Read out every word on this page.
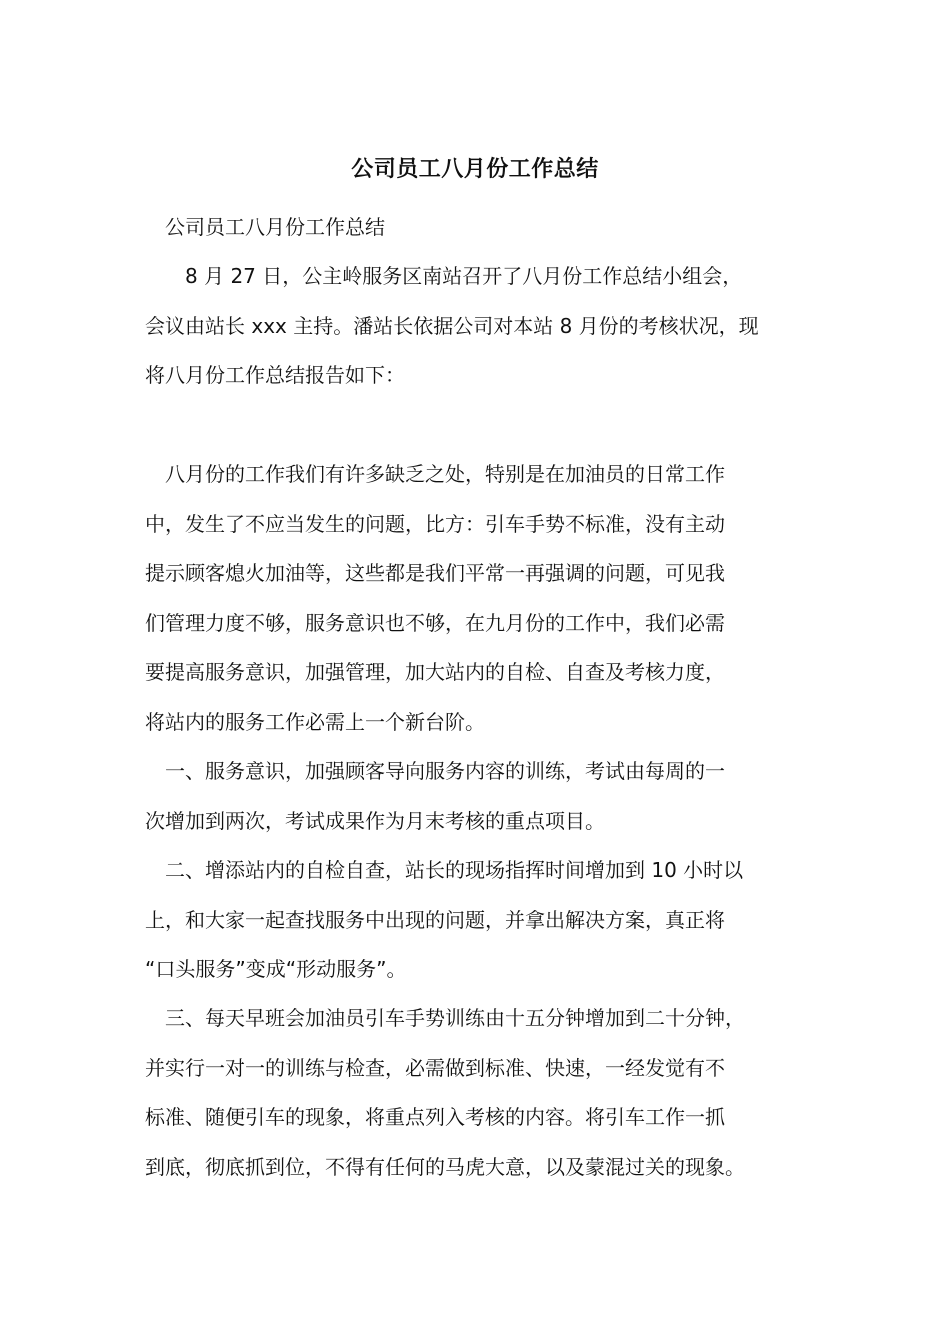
公司员工八月份工作总结

公司员工八月份工作总结

8 月 27 日，公主岭服务区南站召开了八月份工作总结小组会，
会议由站长 xxx 主持。潘站长依据公司对本站 8 月份的考核状况，现
将八月份工作总结报告如下：

八月份的工作我们有许多缺乏之处，特别是在加油员的日常工作
中，发生了不应当发生的问题，比方：引车手势不标准，没有主动
提示顾客熄火加油等，这些都是我们平常一再强调的问题，可见我
们管理力度不够，服务意识也不够，在九月份的工作中，我们必需
要提高服务意识，加强管理，加大站内的自检、自查及考核力度，
将站内的服务工作必需上一个新台阶。

一、服务意识，加强顾客导向服务内容的训练，考试由每周的一
次增加到两次，考试成果作为月末考核的重点项目。

二、增添站内的自检自查，站长的现场指挥时间增加到 10 小时以
上，和大家一起查找服务中出现的问题，并拿出解决方案，真正将
“口头服务”变成“形动服务”。

三、每天早班会加油员引车手势训练由十五分钟增加到二十分钟，
并实行一对一的训练与检查，必需做到标准、快速，一经发觉有不
标准、随便引车的现象，将重点列入考核的内容。将引车工作一抓
到底，彻底抓到位，不得有任何的马虎大意，以及蒙混过关的现象。
